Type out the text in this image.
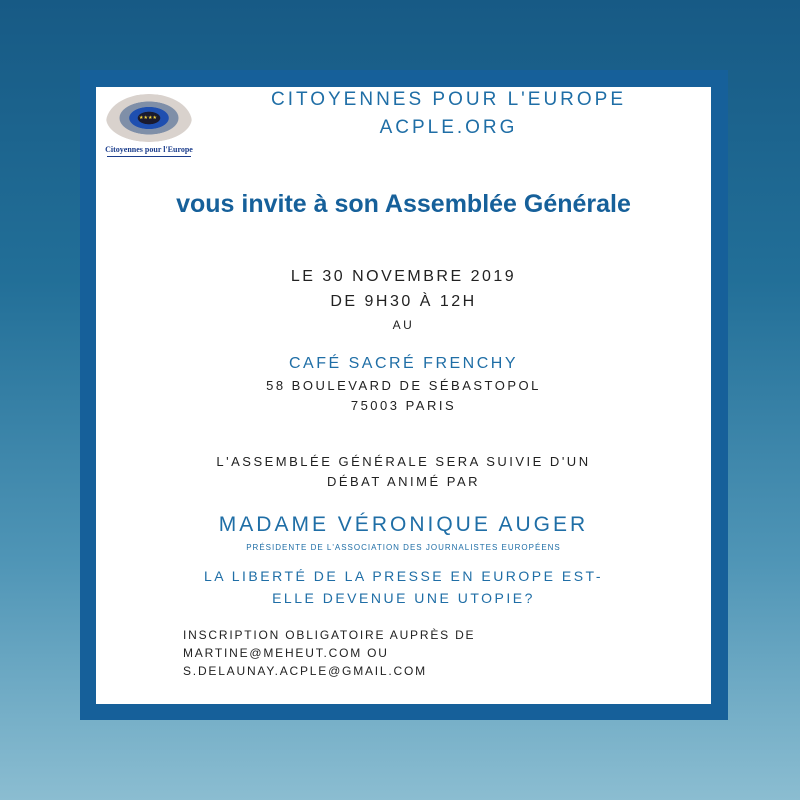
★★★★
Citoyennes pour l'Europe
CITOYENNES POUR L'EUROPE
ACPLE.ORG
vous invite à son Assemblée Générale
LE 30 NOVEMBRE 2019
DE 9H30 À 12H
AU
CAFÉ SACRÉ FRENCHY
58 BOULEVARD DE SÉBASTOPOL
75003 PARIS
L'ASSEMBLÉE GÉNÉRALE SERA SUIVIE D'UN
DÉBAT ANIMÉ PAR
MADAME VÉRONIQUE AUGER
PRÉSIDENTE DE L'ASSOCIATION DES JOURNALISTES EUROPÉENS
LA LIBERTÉ DE LA PRESSE EN EUROPE EST-
ELLE DEVENUE UNE UTOPIE?
INSCRIPTION OBLIGATOIRE AUPRÈS DE
MARTINE@MEHEUT.COM OU
S.DELAUNAY.ACPLE@GMAIL.COM
